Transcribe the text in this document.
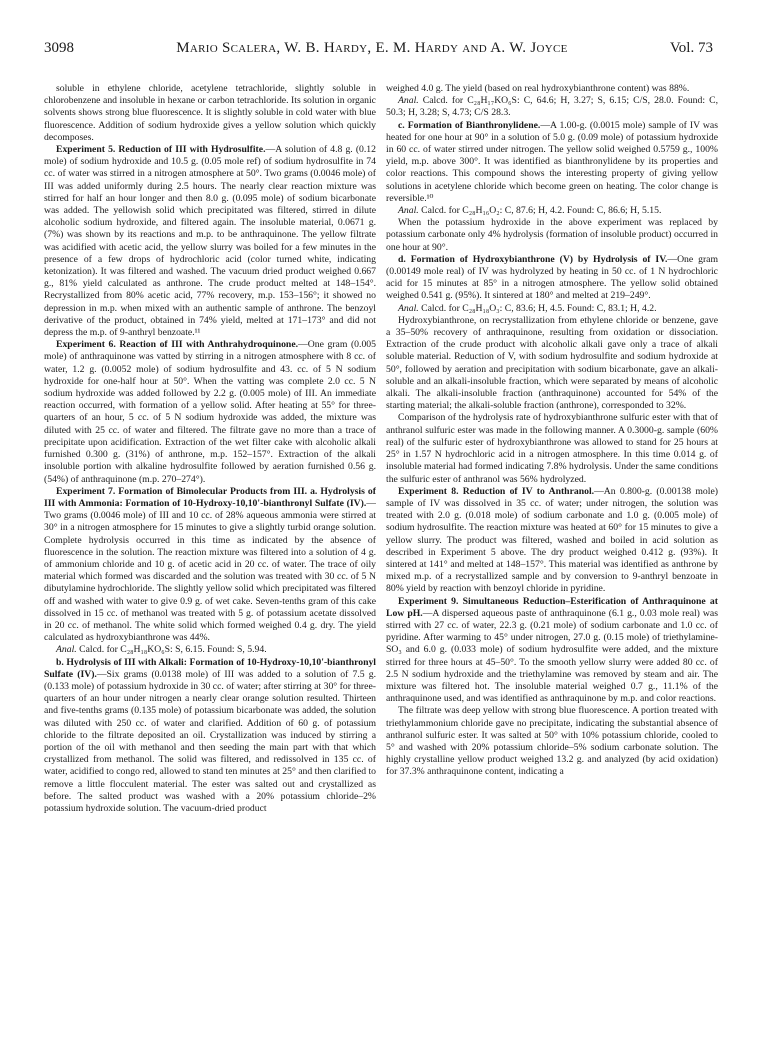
3098	Mario Scalera, W. B. Hardy, E. M. Hardy and A. W. Joyce	Vol. 73

soluble in ethylene chloride, acetylene tetrachloride, slightly soluble in chlorobenzene and insoluble in hexane or carbon tetrachloride. Its solution in organic solvents shows strong blue fluorescence. It is slightly soluble in cold water with blue fluorescence. Addition of sodium hydroxide gives a yellow solution which quickly decomposes.

Experiment 5. Reduction of III with Hydrosulfite.—A solution of 4.8 g. (0.12 mole) of sodium hydroxide and 10.5 g. (0.05 mole ref) of sodium hydrosulfite in 74 cc. of water was stirred in a nitrogen atmosphere at 50°. Two grams (0.0046 mole) of III was added uniformly during 2.5 hours. The nearly clear reaction mixture was stirred for half an hour longer and then 8.0 g. (0.095 mole) of sodium bicarbonate was added. The yellowish solid which precipitated was filtered, stirred in dilute alcoholic sodium hydroxide, and filtered again. The insoluble material, 0.0671 g. (7%) was shown by its reactions and m.p. to be anthraquinone. The yellow filtrate was acidified with acetic acid, the yellow slurry was boiled for a few minutes in the presence of a few drops of hydrochloric acid (color turned white, indicating ketonization). It was filtered and washed. The vacuum dried product weighed 0.667 g., 81% yield calculated as anthrone. The crude product melted at 148–154°. Recrystallized from 80% acetic acid, 77% recovery, m.p. 153–156°; it showed no depression in m.p. when mixed with an authentic sample of anthrone. The benzoyl derivative of the product, obtained in 74% yield, melted at 171–173° and did not depress the m.p. of 9-anthryl benzoate.¹¹

Experiment 6. Reaction of III with Anthrahydroquinone.—One gram (0.005 mole) of anthraquinone was vatted by stirring in a nitrogen atmosphere with 8 cc. of water, 1.2 g. (0.0052 mole) of sodium hydrosulfite and 43. cc. of 5 N sodium hydroxide for one-half hour at 50°. When the vatting was complete 2.0 cc. 5 N sodium hydroxide was added followed by 2.2 g. (0.005 mole) of III. An immediate reaction occurred, with formation of a yellow solid. After heating at 55° for three-quarters of an hour, 5 cc. of 5 N sodium hydroxide was added, the mixture was diluted with 25 cc. of water and filtered. The filtrate gave no more than a trace of precipitate upon acidification. Extraction of the wet filter cake with alcoholic alkali furnished 0.300 g. (31%) of anthrone, m.p. 152–157°. Extraction of the alkali insoluble portion with alkaline hydrosulfite followed by aeration furnished 0.56 g. (54%) of anthraquinone (m.p. 270–274°).

Experiment 7. Formation of Bimolecular Products from III. a. Hydrolysis of III with Ammonia: Formation of 10-Hydroxy-10,10'-bianthronyl Sulfate (IV).—Two grams (0.0046 mole) of III and 10 cc. of 28% aqueous ammonia were stirred at 30° in a nitrogen atmosphere for 15 minutes to give a slightly turbid orange solution. Complete hydrolysis occurred in this time as indicated by the absence of fluorescence in the solution. The reaction mixture was filtered into a solution of 4 g. of ammonium chloride and 10 g. of acetic acid in 20 cc. of water. The trace of oily material which formed was discarded and the solution was treated with 30 cc. of 5 N dibutylamine hydrochloride. The slightly yellow solid which precipitated was filtered off and washed with water to give 0.9 g. of wet cake. Seven-tenths gram of this cake dissolved in 15 cc. of methanol was treated with 5 g. of potassium acetate dissolved in 20 cc. of methanol. The white solid which formed weighed 0.4 g. dry. The yield calculated as hydroxybianthrone was 44%.

Anal. Calcd. for C₂₈H₁₈KO₆S: S, 6.15. Found: S, 5.94.

b. Hydrolysis of III with Alkali: Formation of 10-Hydroxy-10,10'-bianthronyl Sulfate (IV).—Six grams (0.0138 mole) of III was added to a solution of 7.5 g. (0.133 mole) of potassium hydroxide in 30 cc. of water; after stirring at 30° for three-quarters of an hour under nitrogen a nearly clear orange solution resulted. Thirteen and five-tenths grams (0.135 mole) of potassium bicarbonate was added, the solution was diluted with 250 cc. of water and clarified. Addition of 60 g. of potassium chloride to the filtrate deposited an oil. Crystallization was induced by stirring a portion of the oil with methanol and then seeding the main part with that which crystallized from methanol. The solid was filtered, and redissolved in 135 cc. of water, acidified to congo red, allowed to stand ten minutes at 25° and then clarified to remove a little flocculent material. The ester was salted out and crystallized as before. The salted product was washed with a 20% potassium chloride–2% potassium hydroxide solution. The vacuum-dried product

weighed 4.0 g. The yield (based on real hydroxybianthrone content) was 88%.

Anal. Calcd. for C₂₈H₁₇KO₆S: C, 64.6; H, 3.27; S, 6.15; C/S, 28.0. Found: C, 50.3; H, 3.28; S, 4.73; C/S 28.3.

c. Formation of Bianthronylidene.—A 1.00-g. (0.0015 mole) sample of IV was heated for one hour at 90° in a solution of 5.0 g. (0.09 mole) of potassium hydroxide in 60 cc. of water stirred under nitrogen. The yellow solid weighed 0.5759 g., 100% yield, m.p. above 300°. It was identified as bianthronylidene by its properties and color reactions. This compound shows the interesting property of giving yellow solutions in acetylene chloride which become green on heating. The color change is reversible.¹⁰

Anal. Calcd. for C₂₈H₁₆O₂: C, 87.6; H, 4.2. Found: C, 86.6; H, 5.15.

When the potassium hydroxide in the above experiment was replaced by potassium carbonate only 4% hydrolysis (formation of insoluble product) occurred in one hour at 90°.

d. Formation of Hydroxybianthrone (V) by Hydrolysis of IV.—One gram (0.00149 mole real) of IV was hydrolyzed by heating in 50 cc. of 1 N hydrochloric acid for 15 minutes at 85° in a nitrogen atmosphere. The yellow solid obtained weighed 0.541 g. (95%). It sintered at 180° and melted at 219–249°.

Anal. Calcd. for C₂₈H₁₈O₃: C, 83.6; H, 4.5. Found: C, 83.1; H, 4.2.

Hydroxybianthrone, on recrystallization from ethylene chloride or benzene, gave a 35–50% recovery of anthraquinone, resulting from oxidation or dissociation. Extraction of the crude product with alcoholic alkali gave only a trace of alkali soluble material. Reduction of V, with sodium hydrosulfite and sodium hydroxide at 50°, followed by aeration and precipitation with sodium bicarbonate, gave an alkali-soluble and an alkali-insoluble fraction, which were separated by means of alcoholic alkali. The alkali-insoluble fraction (anthraquinone) accounted for 54% of the starting material; the alkali-soluble fraction (anthrone), corresponded to 32%.

Comparison of the hydrolysis rate of hydroxybianthrone sulfuric ester with that of anthranol sulfuric ester was made in the following manner. A 0.3000-g. sample (60% real) of the sulfuric ester of hydroxybianthrone was allowed to stand for 25 hours at 25° in 1.57 N hydrochloric acid in a nitrogen atmosphere. In this time 0.014 g. of insoluble material had formed indicating 7.8% hydrolysis. Under the same conditions the sulfuric ester of anthranol was 56% hydrolyzed.

Experiment 8. Reduction of IV to Anthranol.—An 0.800-g. (0.00138 mole) sample of IV was dissolved in 35 cc. of water; under nitrogen, the solution was treated with 2.0 g. (0.018 mole) of sodium carbonate and 1.0 g. (0.005 mole) of sodium hydrosulfite. The reaction mixture was heated at 60° for 15 minutes to give a yellow slurry. The product was filtered, washed and boiled in acid solution as described in Experiment 5 above. The dry product weighed 0.412 g. (93%). It sintered at 141° and melted at 148–157°. This material was identified as anthrone by mixed m.p. of a recrystallized sample and by conversion to 9-anthryl benzoate in 80% yield by reaction with benzoyl chloride in pyridine.

Experiment 9. Simultaneous Reduction–Esterification of Anthraquinone at Low pH.—A dispersed aqueous paste of anthraquinone (6.1 g., 0.03 mole real) was stirred with 27 cc. of water, 22.3 g. (0.21 mole) of sodium carbonate and 1.0 cc. of pyridine. After warming to 45° under nitrogen, 27.0 g. (0.15 mole) of triethylamine-SO₃ and 6.0 g. (0.033 mole) of sodium hydrosulfite were added, and the mixture stirred for three hours at 45–50°. To the smooth yellow slurry were added 80 cc. of 2.5 N sodium hydroxide and the triethylamine was removed by steam and air. The mixture was filtered hot. The insoluble material weighed 0.7 g., 11.1% of the anthraquinone used, and was identified as anthraquinone by m.p. and color reactions.

The filtrate was deep yellow with strong blue fluorescence. A portion treated with triethylammonium chloride gave no precipitate, indicating the substantial absence of anthranol sulfuric ester. It was salted at 50° with 10% potassium chloride, cooled to 5° and washed with 20% potassium chloride–5% sodium carbonate solution. The highly crystalline yellow product weighed 13.2 g. and analyzed (by acid oxidation) for 37.3% anthraquinone content, indicating a
